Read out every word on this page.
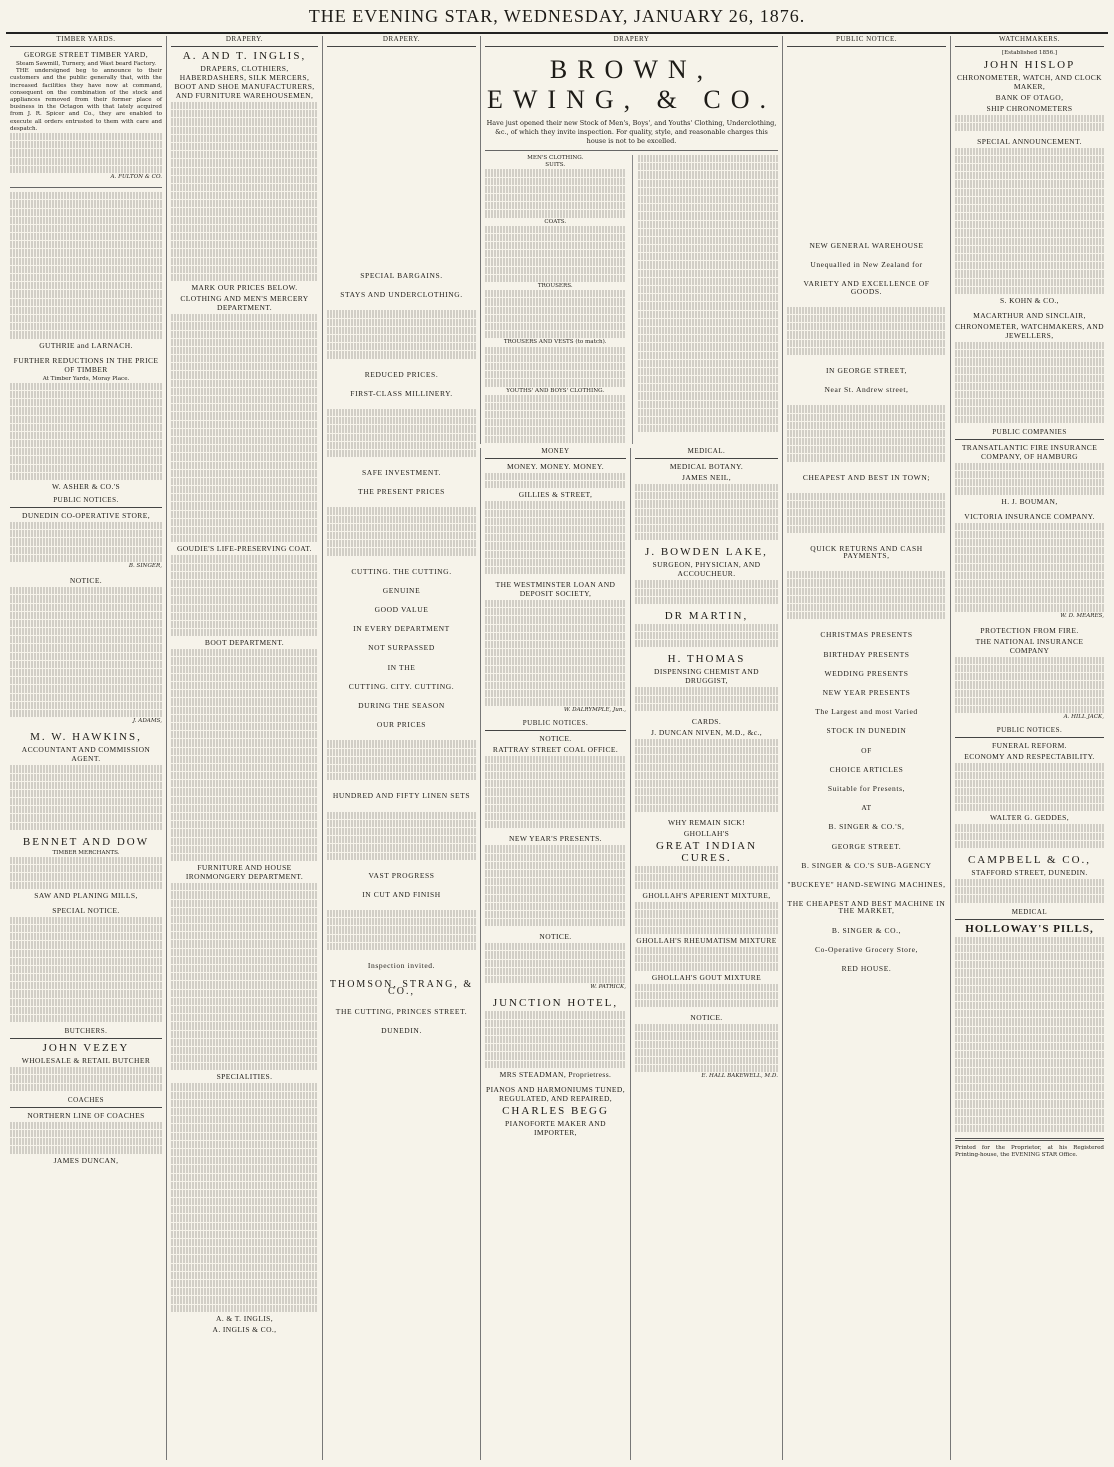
THE EVENING STAR, WEDNESDAY, JANUARY 26, 1876.
TIMBER YARDS.
GEORGE STREET TIMBER YARD,
Steam Sawmill, Turnery, and Wast beard Factory.

THE undersigned beg to announce to their customers and the public generally that, with the increased facilities they have now at command, consequent on the combination of the stock and appliances removed from their former place of business in the Octagon with that lately acquired from J. R. Spicer and Co., they are enabled to execute all orders entrusted to them with care and despatch.

A. FULTON & CO.
GUTHRIE and LARNACH.
FURTHER REDUCTIONS IN THE PRICE OF TIMBER
At Timber Yards, Moray Place.
W. ASHER & CO.'S
PUBLIC NOTICES.
DUNEDIN CO-OPERATIVE STORE,
B. SINGER,
NOTICE.
J. ADAMS,
M. W. HAWKINS,
ACCOUNTANT AND COMMISSION AGENT.
BENNET AND DOW
TIMBER MERCHANTS.
SAW AND PLANING MILLS,
SPECIAL NOTICE.
BUTCHERS.
JOHN VEZEY
WHOLESALE & RETAIL BUTCHER
COACHES
NORTHERN LINE OF COACHES
JAMES DUNCAN,
DRAPERY.
A. AND T. INGLIS,
DRAPERS, CLOTHIERS, HABERDASHERS, SILK MERCERS, BOOT AND SHOE MANUFACTURERS, AND FURNITURE WAREHOUSEMEN,
MARK OUR PRICES BELOW.
CLOTHING AND MEN'S MERCERY DEPARTMENT.
GOUDIE'S LIFE-PRESERVING COAT.
BOOT DEPARTMENT.
FURNITURE AND HOUSE IRONMONGERY DEPARTMENT.
SPECIALITIES.
A. & T. INGLIS,
A. INGLIS & CO.,
DRAPERY.
SPECIAL BARGAINS.
STAYS AND UNDERCLOTHING.
REDUCED PRICES.
FIRST-CLASS MILLINERY.
SAFE INVESTMENT.
THE PRESENT PRICES
CUTTING. THE CUTTING.
GENUINE
GOOD VALUE
IN EVERY DEPARTMENT
NOT SURPASSED
IN THE
CUTTING. CITY. CUTTING.
DURING THE SEASON
OUR PRICES
HUNDRED AND FIFTY LINEN SETS
VAST PROGRESS
IN CUT AND FINISH
Inspection invited.
THOMSON, STRANG, & CO.,
THE CUTTING, PRINCES STREET.
DUNEDIN.
DRAPERY
BROWN, EWING, & CO.
Have just opened their new Stock of Men's, Boys', and Youths' Clothing, Underclothing, &c., of which they invite inspection. For quality, style, and reasonable charges this house is not to be excelled.
MEN'S CLOTHING.
SUITS.
COATS.
TROUSERS.
TROUSERS AND VESTS (to match).
YOUTHS' AND BOYS' CLOTHING.
MONEY
MONEY. MONEY. MONEY.
GILLIES & STREET,
THE WESTMINSTER LOAN AND DEPOSIT SOCIETY,
W. DALRYMPLE, Jun.,
PUBLIC NOTICES.
NOTICE.
RATTRAY STREET COAL OFFICE.
NEW YEAR'S PRESENTS.
NOTICE.
W. PATRICK,
JUNCTION HOTEL,
MRS STEADMAN, Proprietress.
PIANOS AND HARMONIUMS TUNED, REGULATED, AND REPAIRED,
CHARLES BEGG
PIANOFORTE MAKER AND IMPORTER,
MEDICAL.
MEDICAL BOTANY.
JAMES NEIL,
J. BOWDEN LAKE,
SURGEON, PHYSICIAN, AND ACCOUCHEUR.
DR MARTIN,
H. THOMAS
DISPENSING CHEMIST AND DRUGGIST,
CARDS.
J. DUNCAN NIVEN, M.D., &c.,
WHY REMAIN SICK!
GHOLLAH'S
GREAT INDIAN CURES.
GHOLLAH'S APERIENT MIXTURE,
GHOLLAH'S RHEUMATISM MIXTURE
GHOLLAH'S GOUT MIXTURE
NOTICE.
E. HALL BAKEWELL, M.D.
PUBLIC NOTICE.
NEW GENERAL WAREHOUSE
Unequalled in New Zealand for
VARIETY AND EXCELLENCE OF GOODS.
IN GEORGE STREET,
Near St. Andrew street,
CHEAPEST AND BEST IN TOWN;
QUICK RETURNS AND CASH PAYMENTS,
CHRISTMAS PRESENTS
BIRTHDAY PRESENTS
WEDDING PRESENTS
NEW YEAR PRESENTS
The Largest and most Varied
STOCK IN DUNEDIN
OF
CHOICE ARTICLES
Suitable for Presents,
AT
B. SINGER & CO.'S,
GEORGE STREET.
B. SINGER & CO.'S SUB-AGENCY
"BUCKEYE" HAND-SEWING MACHINES,
THE CHEAPEST AND BEST MACHINE IN THE MARKET,
B. SINGER & CO.,
Co-Operative Grocery Store,
RED HOUSE.
WATCHMAKERS.
[Established 1856.]
JOHN HISLOP
CHRONOMETER, WATCH, AND CLOCK MAKER,
BANK OF OTAGO,
SHIP CHRONOMETERS
SPECIAL ANNOUNCEMENT.
S. KOHN & CO.,
MACARTHUR AND SINCLAIR,
CHRONOMETER, WATCHMAKERS, AND JEWELLERS,
PUBLIC COMPANIES
TRANSATLANTIC FIRE INSURANCE COMPANY, OF HAMBURG
H. J. BOUMAN,
VICTORIA INSURANCE COMPANY.
W. D. MEARES,
PROTECTION FROM FIRE.
THE NATIONAL INSURANCE COMPANY
A. HILL JACK,
PUBLIC NOTICES.
FUNERAL REFORM.
ECONOMY AND RESPECTABILITY.
WALTER G. GEDDES,
CAMPBELL & CO.,
STAFFORD STREET, DUNEDIN.
MEDICAL
HOLLOWAY'S PILLS,
Printed for the Proprietor, at his Registered Printing-house, the EVENING STAR Office.
